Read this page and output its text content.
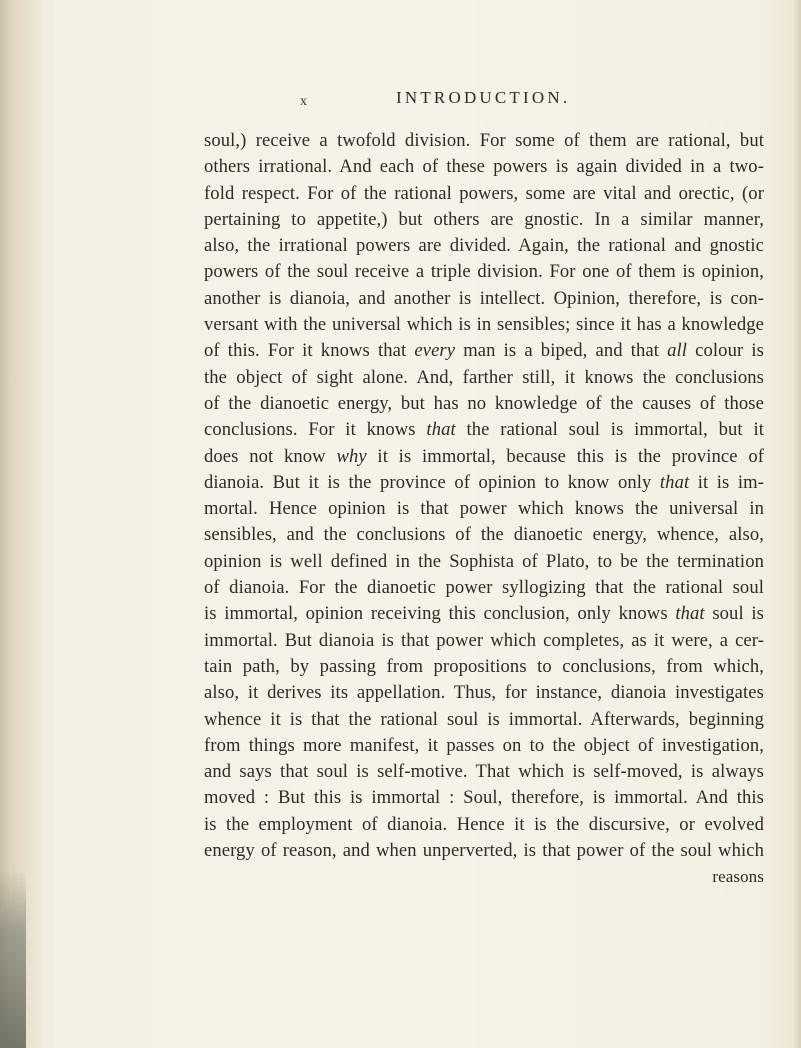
x	INTRODUCTION.
soul,) receive a twofold division. For some of them are rational, but
others irrational. And each of these powers is again divided in a two-
fold respect. For of the rational powers, some are vital and orectic, (or
pertaining to appetite,) but others are gnostic. In a similar manner,
also, the irrational powers are divided. Again, the rational and gnostic
powers of the soul receive a triple division. For one of them is opinion,
another is dianoia, and another is intellect. Opinion, therefore, is con-
versant with the universal which is in sensibles; since it has a knowledge
of this. For it knows that every man is a biped, and that all colour is
the object of sight alone. And, farther still, it knows the conclusions
of the dianoetic energy, but has no knowledge of the causes of those
conclusions. For it knows that the rational soul is immortal, but it
does not know why it is immortal, because this is the province of
dianoia. But it is the province of opinion to know only that it is im-
mortal. Hence opinion is that power which knows the universal in
sensibles, and the conclusions of the dianoetic energy, whence, also,
opinion is well defined in the Sophista of Plato, to be the termination
of dianoia. For the dianoetic power syllogizing that the rational soul
is immortal, opinion receiving this conclusion, only knows that soul is
immortal. But dianoia is that power which completes, as it were, a cer-
tain path, by passing from propositions to conclusions, from which,
also, it derives its appellation. Thus, for instance, dianoia investigates
whence it is that the rational soul is immortal. Afterwards, beginning
from things more manifest, it passes on to the object of investigation,
and says that soul is self-motive. That which is self-moved, is always
moved : But this is immortal : Soul, therefore, is immortal. And this
is the employment of dianoia. Hence it is the discursive, or evolved
energy of reason, and when unperverted, is that power of the soul which
reasons
